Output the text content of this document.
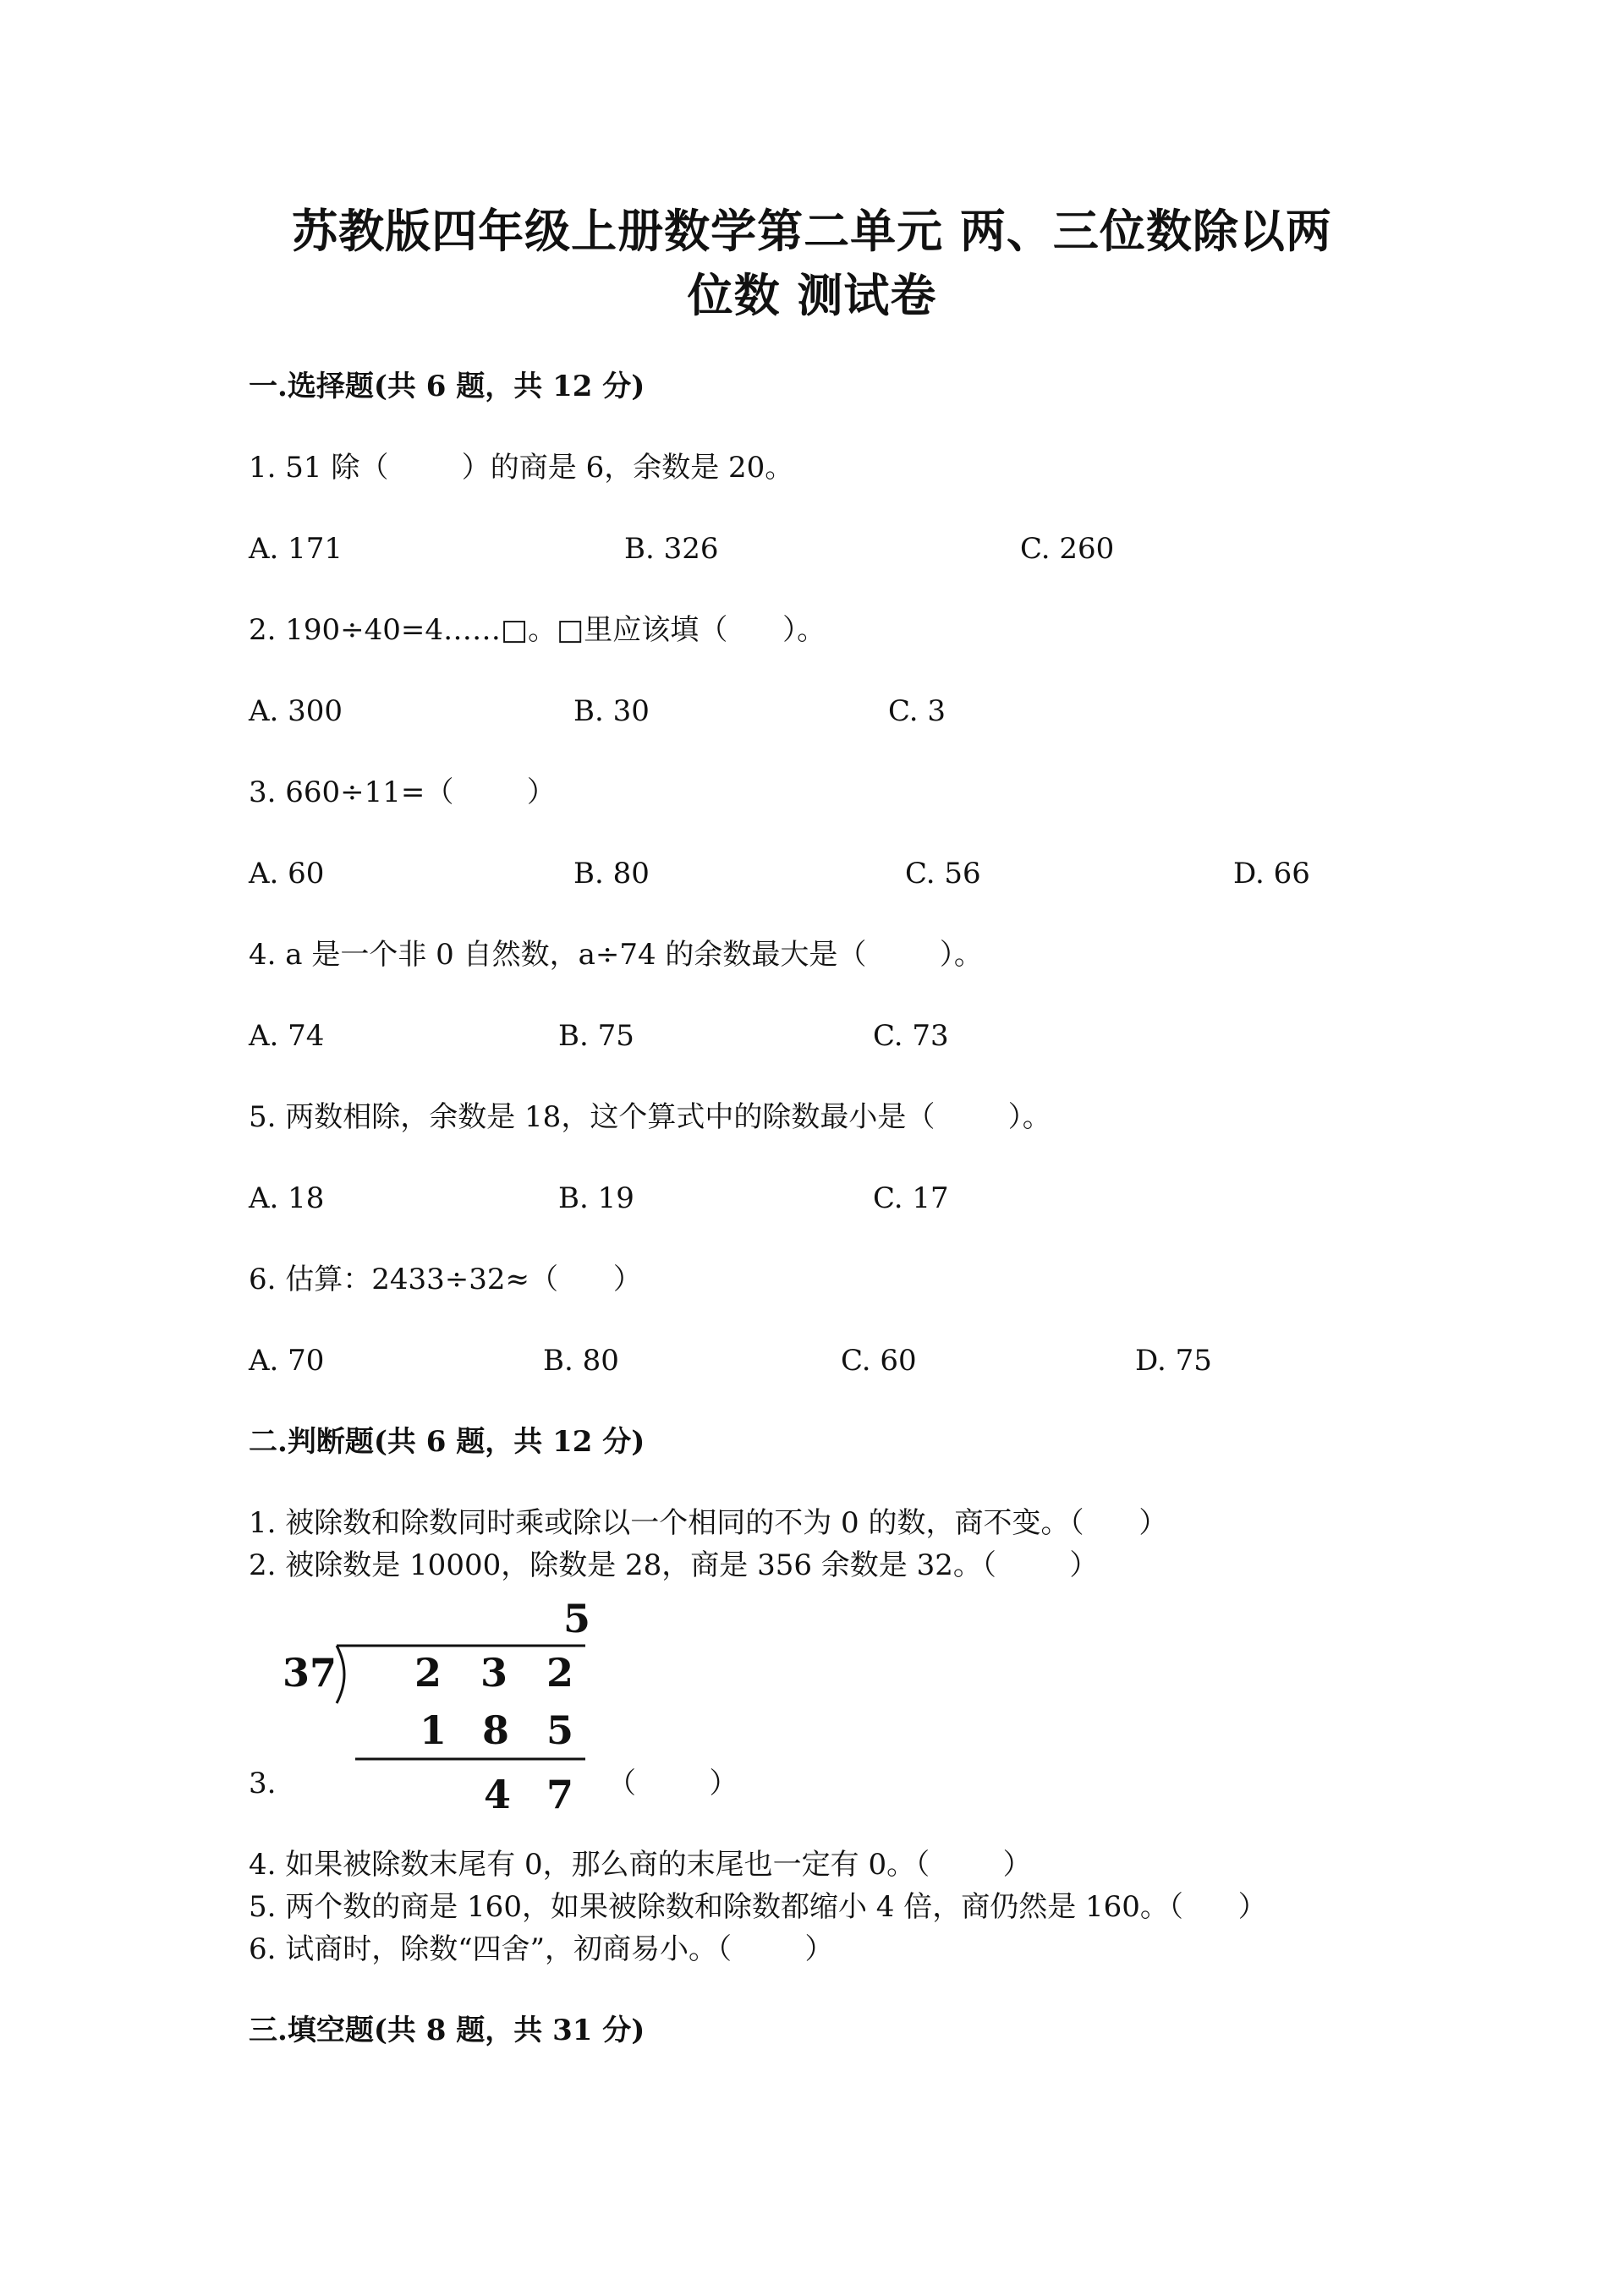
苏教版四年级上册数学第二单元 两、三位数除以两
位数 测试卷
一.选择题(共 6 题，共 12 分)
1. 51 除（        ）的商是 6，余数是 20。
A. 171	B. 326	C. 260
2. 190÷40=4……□。□里应该填（      ）。
A. 300	B. 30	C. 3
3. 660÷11=（        ）
A. 60	B. 80	C. 56	D. 66
4. a 是一个非 0 自然数，a÷74 的余数最大是（        ）。
A. 74	B. 75	C. 73
5. 两数相除，余数是 18，这个算式中的除数最小是（        ）。
A. 18	B. 19	C. 17
6. 估算：2433÷32≈（      ）
A. 70	B. 80	C. 60	D. 75
二.判断题(共 6 题，共 12 分)
1. 被除数和除数同时乘或除以一个相同的不为 0 的数，商不变。（      ）
2. 被除数是 10000，除数是 28，商是 356 余数是 32。（        ）
5
37 2 3 2
1 8 5
4 7
3.	（        ）
4. 如果被除数末尾有 0，那么商的末尾也一定有 0。（        ）
5. 两个数的商是 160，如果被除数和除数都缩小 4 倍，商仍然是 160。（      ）
6. 试商时，除数“四舍”，初商易小。（        ）
三.填空题(共 8 题，共 31 分)
